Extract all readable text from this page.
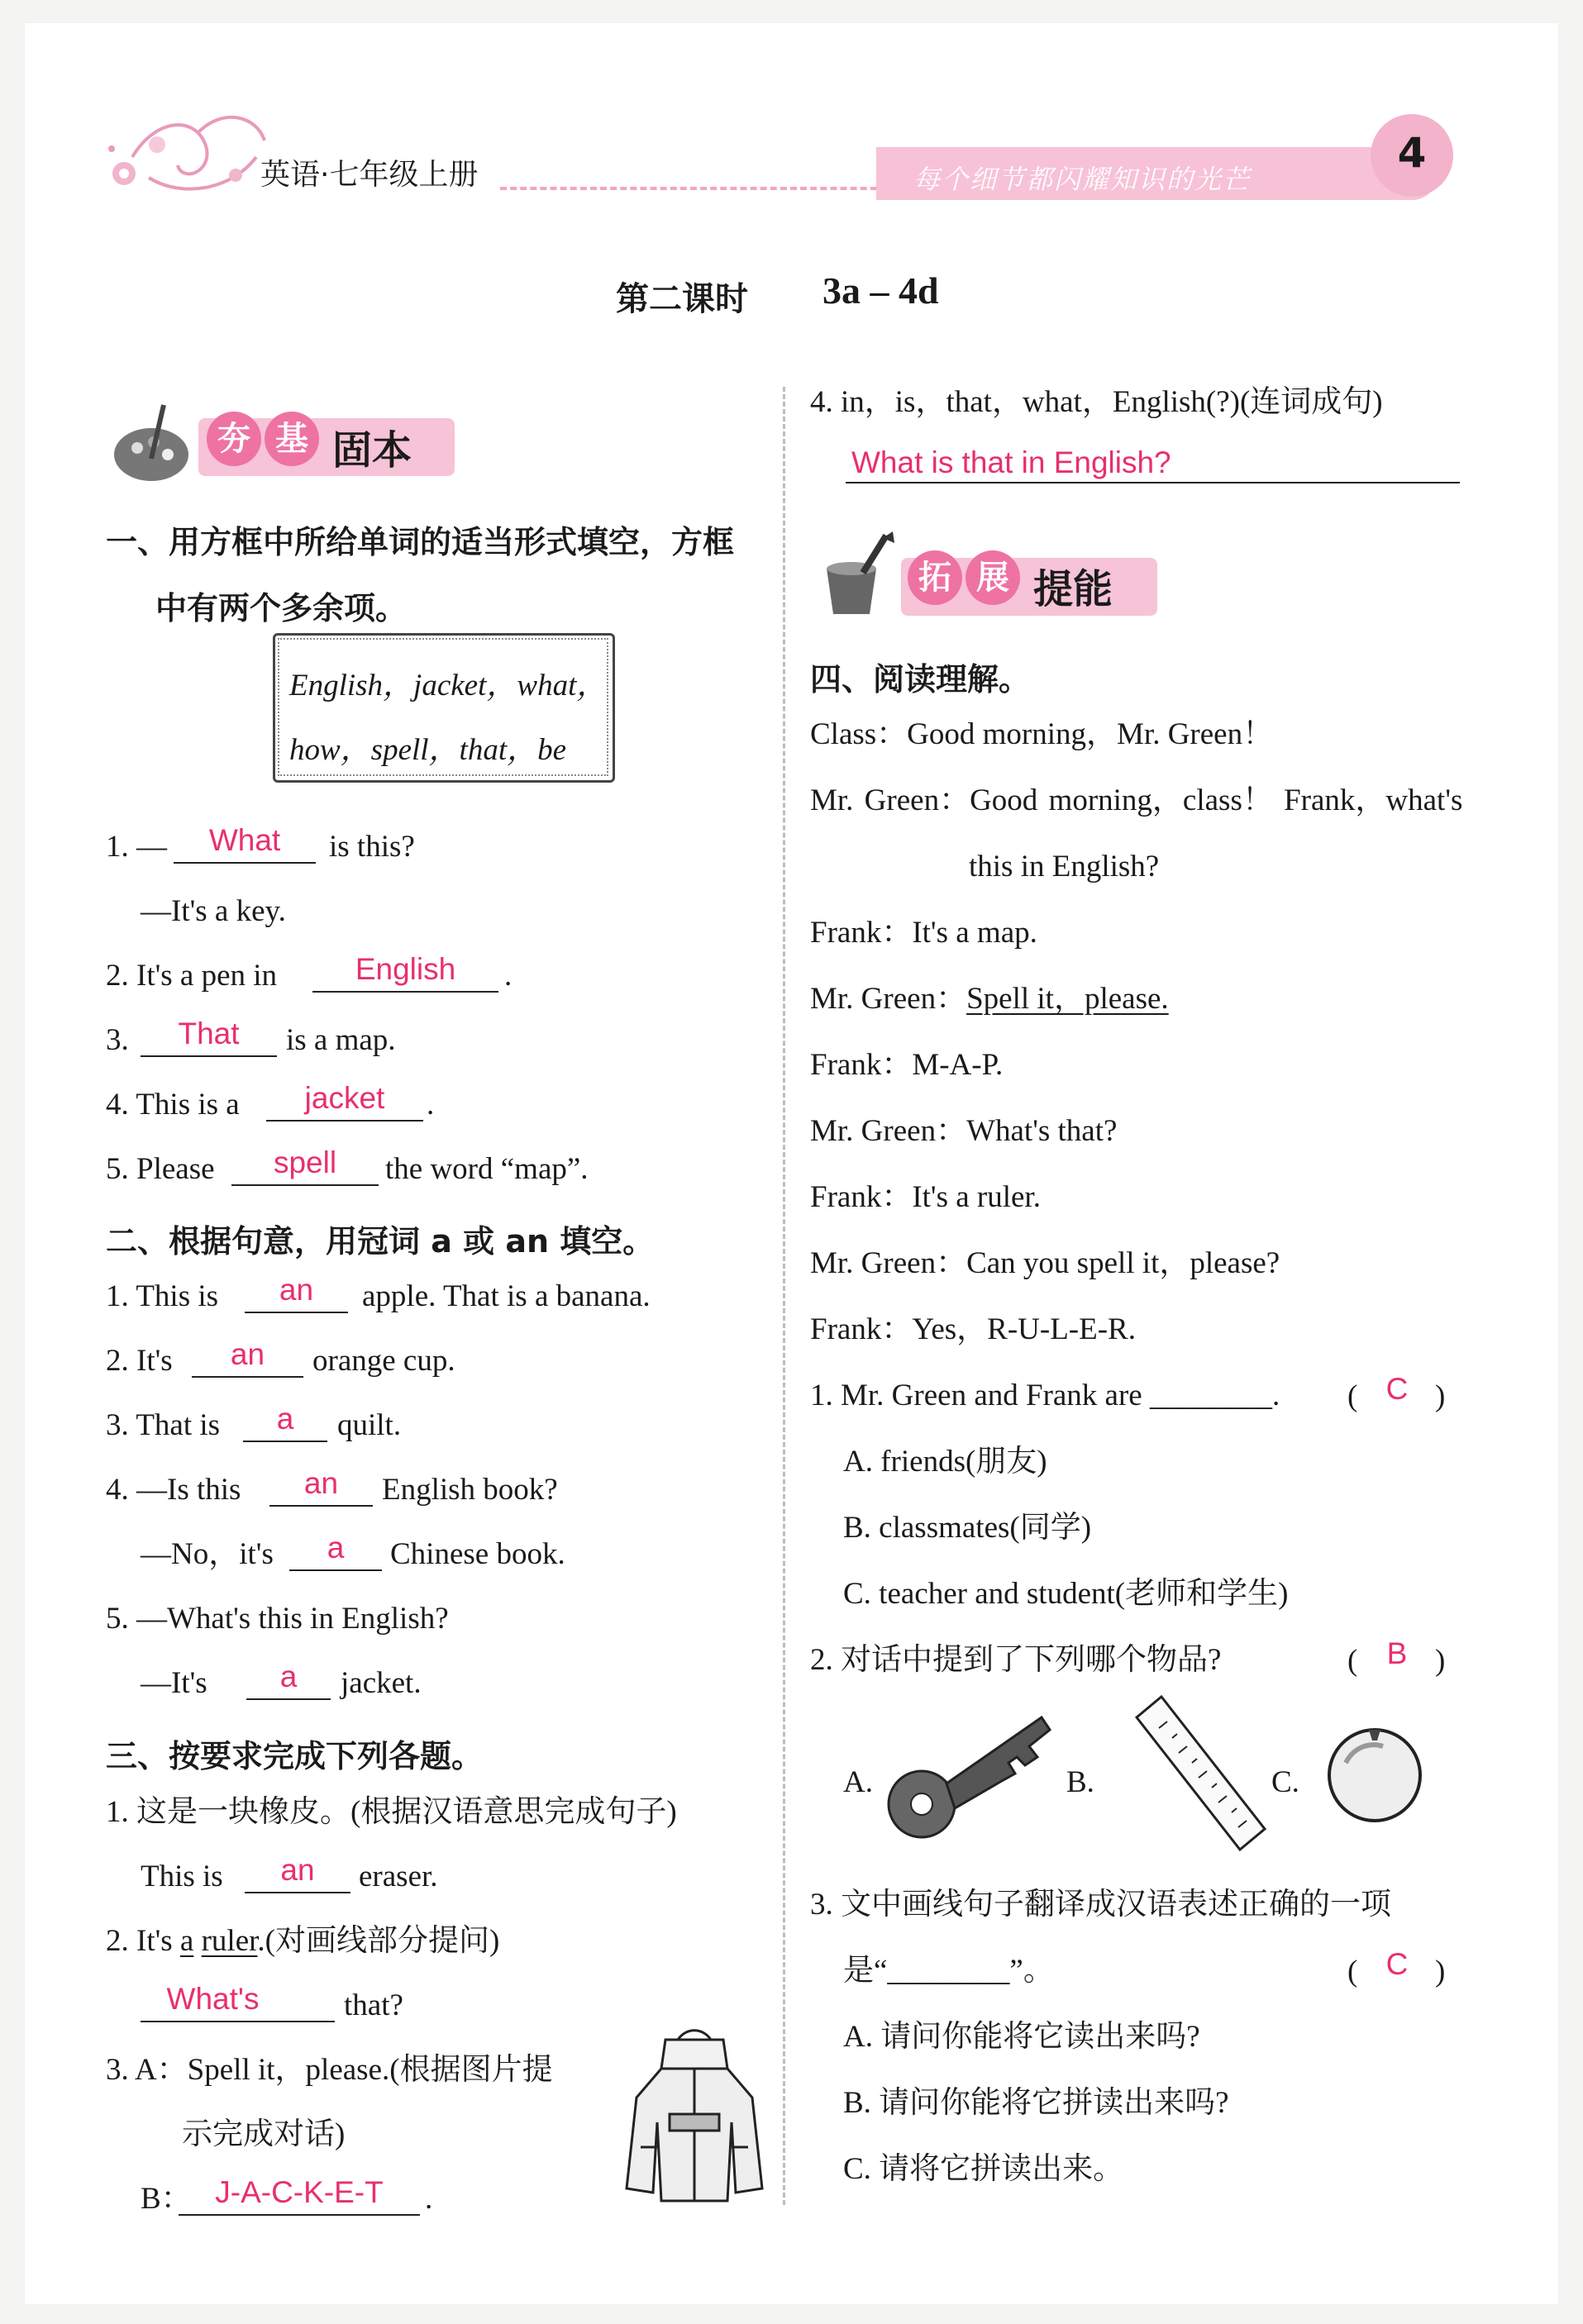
英语·七年级上册	每个细节都闪耀知识的光芒
4
第二课时 3a – 4d
夯 基 固本
一、用方框中所给单词的适当形式填空，方框
中有两个多余项。
English，jacket，what，
how，spell，that，be
1. —	What	is this?
—It's a key.
2. It's a pen in	English	.
3.	That	is a map.
4. This is a	jacket	.
5. Please	spell	the word “map”.
二、根据句意，用冠词 a 或 an 填空。
1. This is	an	apple. That is a banana.
2. It's	an	orange cup.
3. That is	a	quilt.
4. —Is this	an	English book?
—No，it's	a	Chinese book.
5. —What's this in English?
—It's	a	jacket.
三、按要求完成下列各题。
1. 这是一块橡皮。(根据汉语意思完成句子)
This is	an	eraser.
2. It's a ruler.(对画线部分提问)
What's	that?
3. A：Spell it，please.(根据图片提
示完成对话)
B： J-A-C-K-E-T	.
4. in，is，that，what，English(?)(连词成句)
What is that in English?
拓 展 提能
四、阅读理解。
Class：Good morning，Mr. Green！
Mr. Green：Good morning，class！ Frank，what's
this in English?
Frank：It's a map.
Mr. Green：Spell it，please.
Frank：M-A-P.
Mr. Green：What's that?
Frank：It's a ruler.
Mr. Green：Can you spell it，please?
Frank：Yes，R-U-L-E-R.
1. Mr. Green and Frank are ________. ( C )
A. friends(朋友)
B. classmates(同学)
C. teacher and student(老师和学生)
2. 对话中提到了下列哪个物品?	( B )
A.	B.	C.
3. 文中画线句子翻译成汉语表述正确的一项
是“________”。	( C )
A. 请问你能将它读出来吗?
B. 请问你能将它拼读出来吗?
C. 请将它拼读出来。
